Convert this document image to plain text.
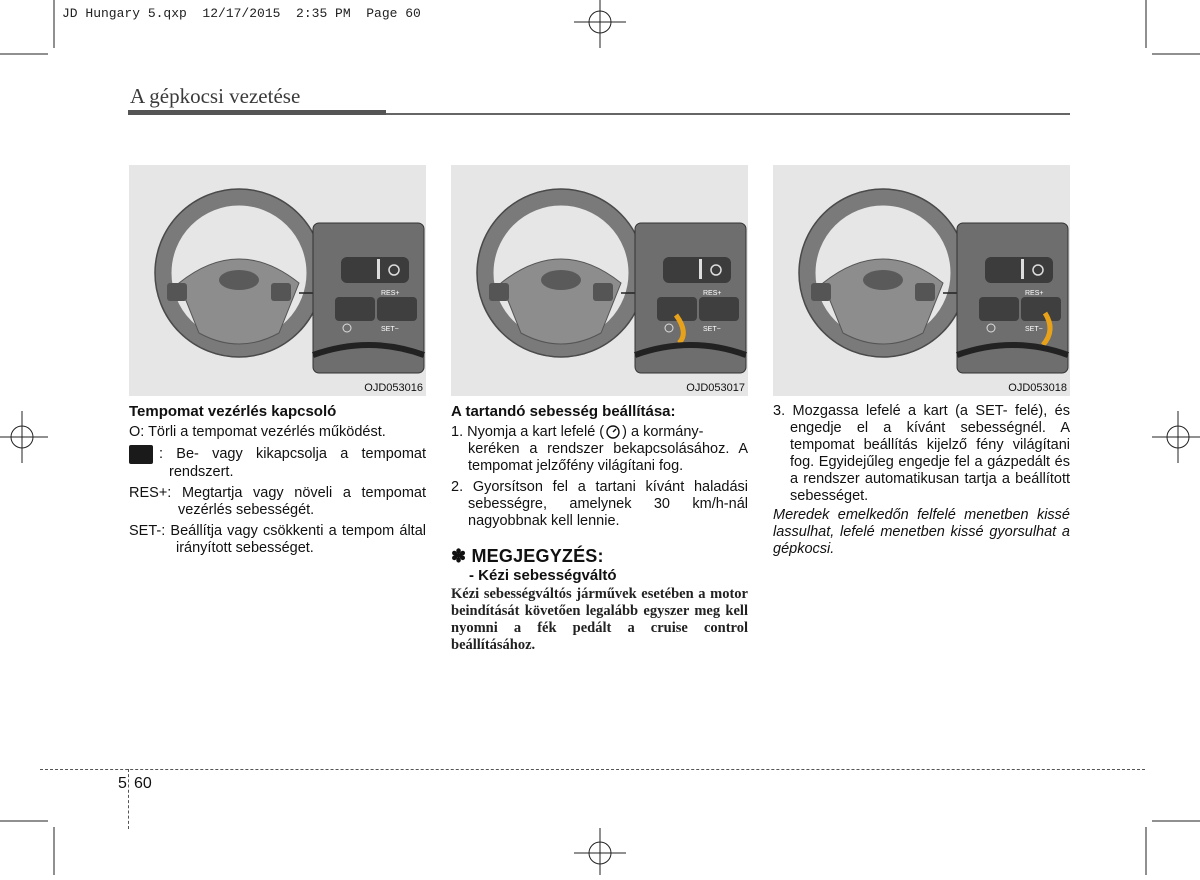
JD Hungary 5.qxp  12/17/2015  2:35 PM  Page 60
A gépkocsi vezetése
RES+
SET−
OJD053016
RES+
SET−
OJD053017
RES+
SET−
OJD053018
Tempomat vezérlés kapcsoló
O: Törli a tempomat vezérlés működést.
: Be- vagy kikapcsolja a tempomat rendszert.
RES+: Megtartja vagy növeli a tempomat vezérlés sebességét.
SET-: Beállítja vagy csökkenti a tempom által irányított sebességet.
A tartandó sebesség beállítása:
1. Nyomja a kart lefelé ( ) a kormány-
keréken a rendszer bekapcsolásához. A tempomat jelzőfény világítani fog.
2. Gyorsítson fel a tartani kívánt haladási sebességre, amelynek 30 km/h-nál nagyobbnak kell lennie.
✽ MEGJEGYZÉS:
- Kézi sebességváltó
Kézi sebességváltós járművek esetében a motor beindítását követően legalább egyszer meg kell nyomni a fék pedált a cruise control beállításához.
3. Mozgassa lefelé a kart (a SET- felé), és engedje el a kívánt sebességnél. A tempomat beállítás kijelző fény világítani fog. Egyidejűleg engedje fel a gázpedált és a rendszer automatikusan tartja a beállított sebességet.
Meredek emelkedőn felfelé menetben kissé lassulhat, lefelé menetben kissé gyorsulhat a gépkocsi.
5 60
